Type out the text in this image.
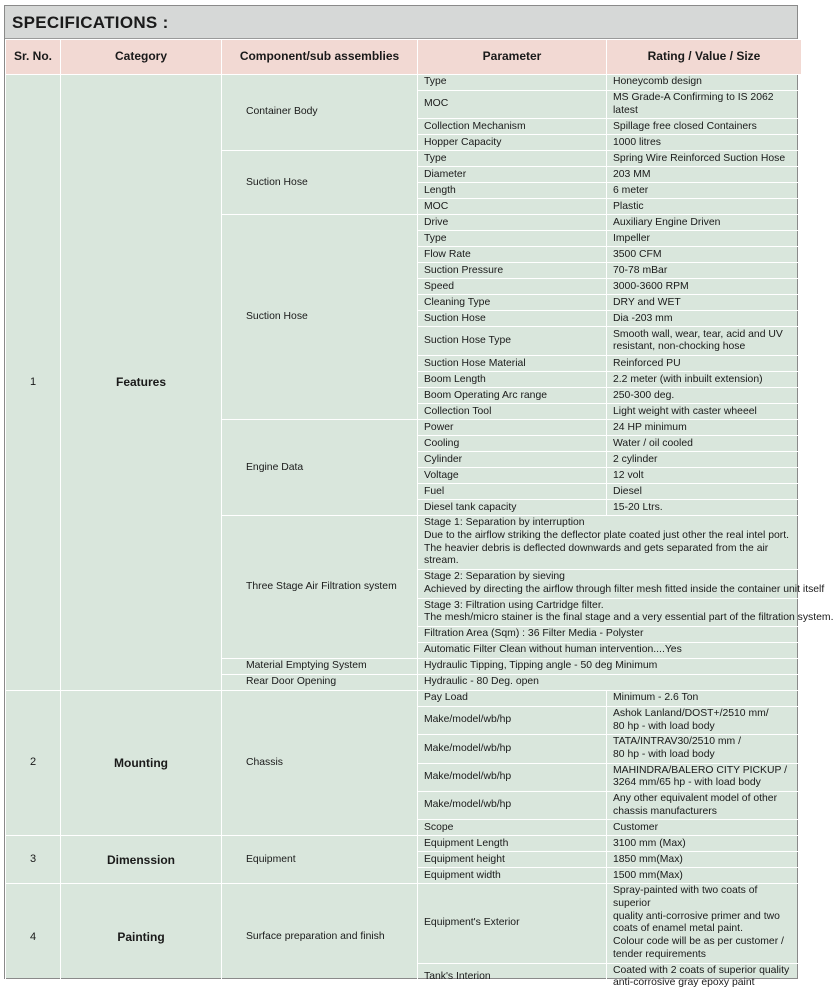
SPECIFICATIONS :
Sr. No.	Category	Component/sub assemblies	Parameter	Rating / Value / Size
1	Features	Container Body	Type	Honeycomb design
			MOC	MS Grade-A Confirming to IS 2062 latest
			Collection Mechanism	Spillage free closed Containers
			Hopper Capacity	1000 litres
		Suction Hose	Type	Spring Wire Reinforced Suction Hose
			Diameter	203 MM
			Length	6 meter
			MOC	Plastic
		Suction Hose	Drive	Auxiliary Engine Driven
			Type	Impeller
			Flow Rate	3500 CFM
			Suction Pressure	70-78 mBar
			Speed	3000-3600 RPM
			Cleaning Type	DRY and WET
			Suction Hose	Dia -203 mm
			Suction Hose Type	Smooth wall, wear, tear, acid and UV resistant, non-chocking hose
			Suction Hose Material	Reinforced PU
			Boom Length	2.2 meter (with inbuilt extension)
			Boom Operating Arc range	250-300 deg.
			Collection Tool	Light weight with caster wheeel
		Engine Data	Power	24 HP minimum
			Cooling	Water / oil cooled
			Cylinder	2 cylinder
			Voltage	12 volt
			Fuel	Diesel
			Diesel tank capacity	15-20 Ltrs.
		Three Stage Air Filtration system	Stage 1: Separation by interruption
Due to the airflow striking the deflector plate coated just other the real intel port. The heavier debris is deflected downwards and gets separated from the air stream.	

			Stage 2: Separation by sieving
Achieved by directing the airflow through filter mesh fitted inside the container unit itself	

			Stage 3: Filtration using Cartridge filter.
The mesh/micro stainer is the final stage and a very essential part of the filtration system.	

			Filtration Area (Sqm) : 36 Filter Media - Polyster	

			Automatic Filter Clean without human intervention....Yes	

		Material Emptying System	Hydraulic Tipping, Tipping angle - 50 deg Minimum	
		Rear Door Opening	Hydraulic - 80 Deg. open	
2	Mounting	Chassis	Pay Load	Minimum - 2.6 Ton
			Make/model/wb/hp	Ashok Lanland/DOST+/2510 mm/
80 hp - with load body
			Make/model/wb/hp	TATA/INTRAV30/2510 mm /
80 hp - with load body
			Make/model/wb/hp	MAHINDRA/BALERO CITY PICKUP /
3264 mm/65 hp - with load body
			Make/model/wb/hp	Any other equivalent model of other
chassis manufacturers
			Scope	Customer
3	Dimenssion	Equipment	Equipment Length	3100 mm (Max)
			Equipment height	1850 mm(Max)
			Equipment width	1500 mm(Max)
4	Painting	Surface preparation and finish	Equipment's Exterior	Spray-painted with two coats of superior
quality anti-corrosive primer and two
coats of enamel metal paint.
Colour code will be as per customer /
tender requirements
			Tank's Interion	Coated with 2 coats of superior quality
anti-corrosive gray epoxy paint
